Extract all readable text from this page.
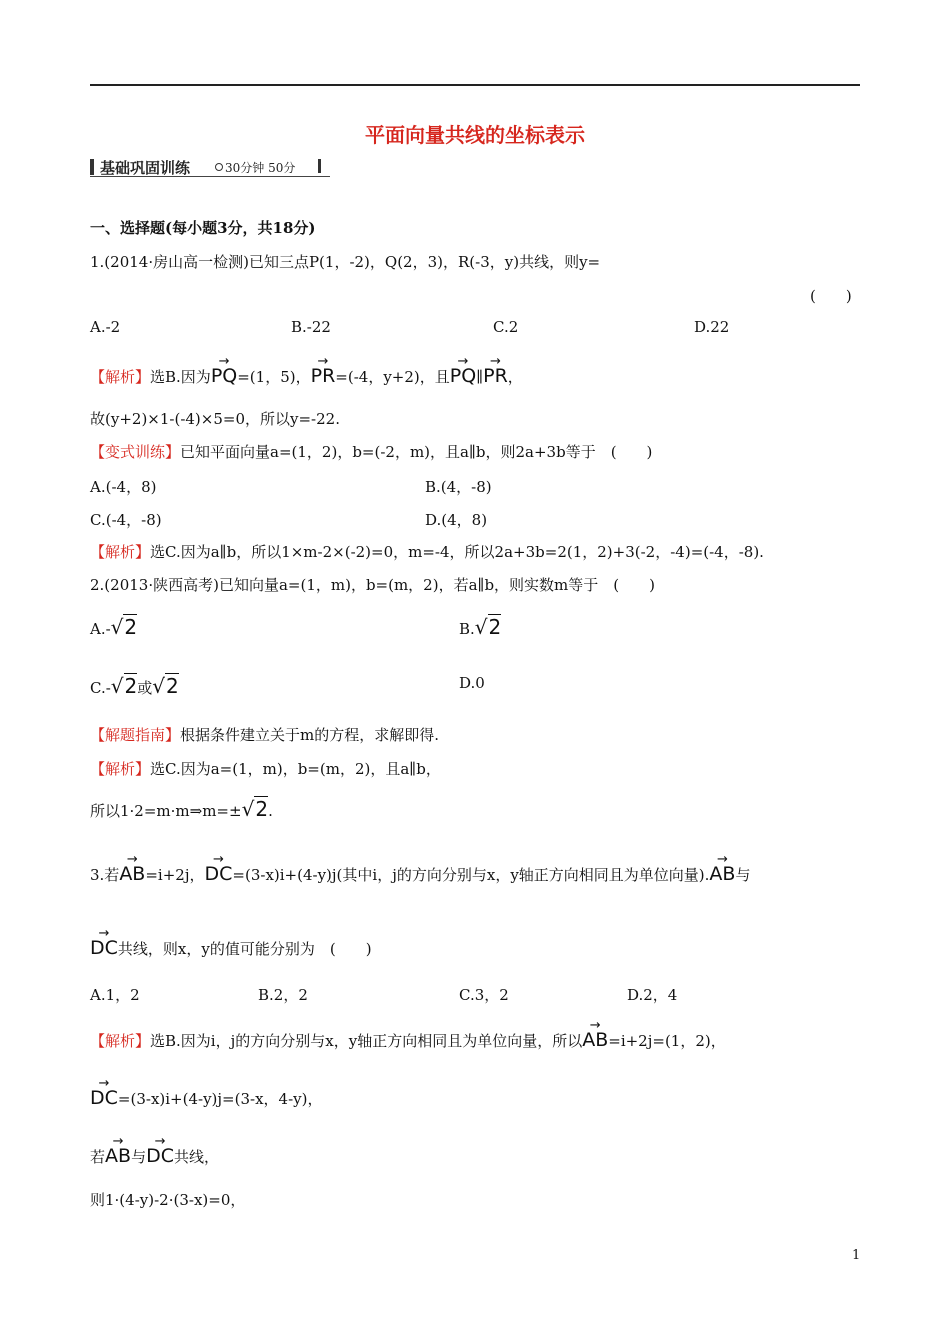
平面向量共线的坐标表示
基础巩固训练	30分钟 50分
一、选择题(每小题3分，共18分)
1.(2014·房山高一检测)已知三点P(1，-2)，Q(2，3)，R(-3，y)共线，则y=
(　　)
A.-2	B.-22	C.2	D.22
【解析】选B.因为→ PQ=(1，5)，→ PR=(-4，y+2)，且→ PQ∥→ PR，
故(y+2)×1-(-4)×5=0，所以y=-22.
【变式训练】已知平面向量a=(1，2)，b=(-2，m)，且a∥b，则2a+3b等于　(　　)
A.(-4，8)	B.(4，-8)
C.(-4，-8)	D.(4，8)
【解析】选C.因为a∥b，所以1×m-2×(-2)=0，m=-4，所以2a+3b=2(1，2)+3(-2，-4)=(-4，-8).
2.(2013·陕西高考)已知向量a=(1，m)，b=(m，2)，若a∥b，则实数m等于　(　　)
A.-√2	B.√2
C.-√2或√2	D.0
【解题指南】根据条件建立关于m的方程，求解即得.
【解析】选C.因为a=(1，m)，b=(m，2)，且a∥b，
所以1·2=m·m⇒m=±√2.
3.若→ AB=i+2j，→ DC=(3-x)i+(4-y)j(其中i，j的方向分别与x，y轴正方向相同且为单位向量).→ AB与
→ DC共线，则x，y的值可能分别为　(　　)
A.1，2	B.2，2	C.3，2	D.2，4
【解析】选B.因为i，j的方向分别与x，y轴正方向相同且为单位向量，所以→ AB=i+2j=(1，2)，
→ DC=(3-x)i+(4-y)j=(3-x，4-y)，
若→ AB与→ DC共线，
则1·(4-y)-2·(3-x)=0，
1
